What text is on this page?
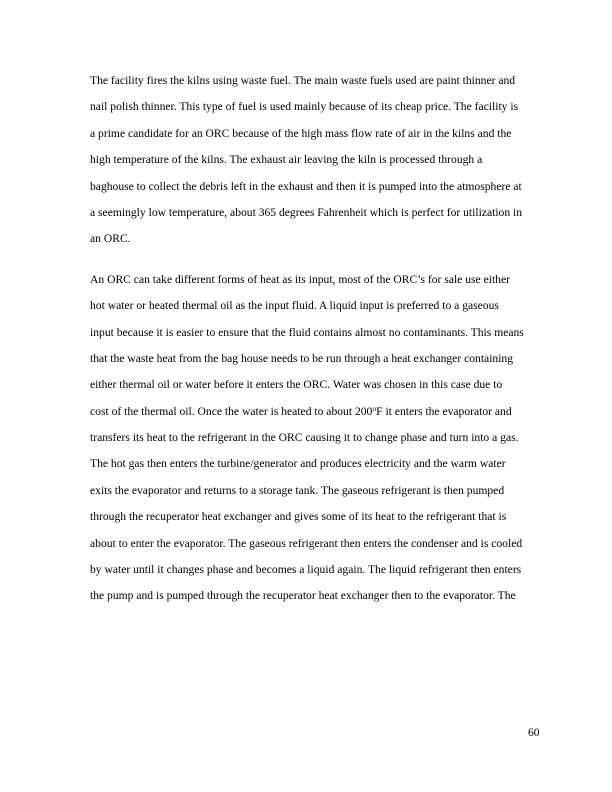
The facility fires the kilns using waste fuel. The main waste fuels used are paint thinner and
nail polish thinner. This type of fuel is used mainly because of its cheap price. The facility is
a prime candidate for an ORC because of the high mass flow rate of air in the kilns and the
high temperature of the kilns. The exhaust air leaving the kiln is processed through a
baghouse to collect the debris left in the exhaust and then it is pumped into the atmosphere at
a seemingly low temperature, about 365 degrees Fahrenheit which is perfect for utilization in
an ORC.
An ORC can take different forms of heat as its input, most of the ORC’s for sale use either
hot water or heated thermal oil as the input fluid. A liquid input is preferred to a gaseous
input because it is easier to ensure that the fluid contains almost no contaminants. This means
that the waste heat from the bag house needs to be run through a heat exchanger containing
either thermal oil or water before it enters the ORC. Water was chosen in this case due to
cost of the thermal oil. Once the water is heated to about 200$^o$F it enters the evaporator and
transfers its heat to the refrigerant in the ORC causing it to change phase and turn into a gas.
The hot gas then enters the turbine/generator and produces electricity and the warm water
exits the evaporator and returns to a storage tank. The gaseous refrigerant is then pumped
through the recuperator heat exchanger and gives some of its heat to the refrigerant that is
about to enter the evaporator. The gaseous refrigerant then enters the condenser and is cooled
by water until it changes phase and becomes a liquid again. The liquid refrigerant then enters
the pump and is pumped through the recuperator heat exchanger then to the evaporator. The
60
